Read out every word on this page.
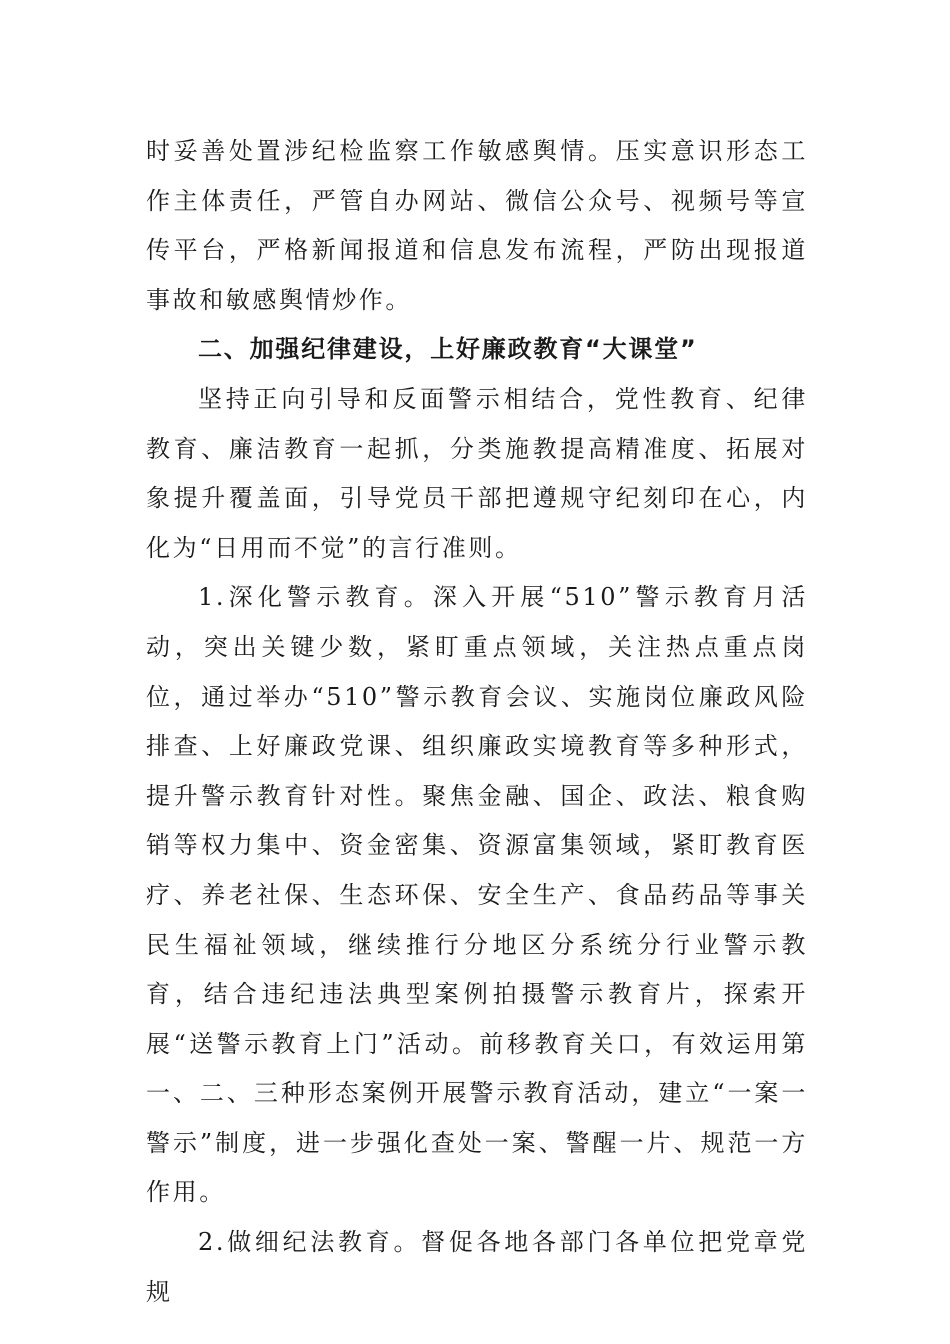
时妥善处置涉纪检监察工作敏感舆情。压实意识形态工作主体责任，严管自办网站、微信公众号、视频号等宣传平台，严格新闻报道和信息发布流程，严防出现报道事故和敏感舆情炒作。

二、加强纪律建设，上好廉政教育“大课堂”

坚持正向引导和反面警示相结合，党性教育、纪律教育、廉洁教育一起抓，分类施教提高精准度、拓展对象提升覆盖面，引导党员干部把遵规守纪刻印在心，内化为“日用而不觉”的言行准则。

1.深化警示教育。深入开展“510”警示教育月活动，突出关键少数，紧盯重点领域，关注热点重点岗位，通过举办“510”警示教育会议、实施岗位廉政风险排查、上好廉政党课、组织廉政实境教育等多种形式，提升警示教育针对性。聚焦金融、国企、政法、粮食购销等权力集中、资金密集、资源富集领域，紧盯教育医疗、养老社保、生态环保、安全生产、食品药品等事关民生福祉领域，继续推行分地区分系统分行业警示教育，结合违纪违法典型案例拍摄警示教育片，探索开展“送警示教育上门”活动。前移教育关口，有效运用第一、二、三种形态案例开展警示教育活动，建立“一案一警示”制度，进一步强化查处一案、警醒一片、规范一方作用。

2.做细纪法教育。督促各地各部门各单位把党章党规
